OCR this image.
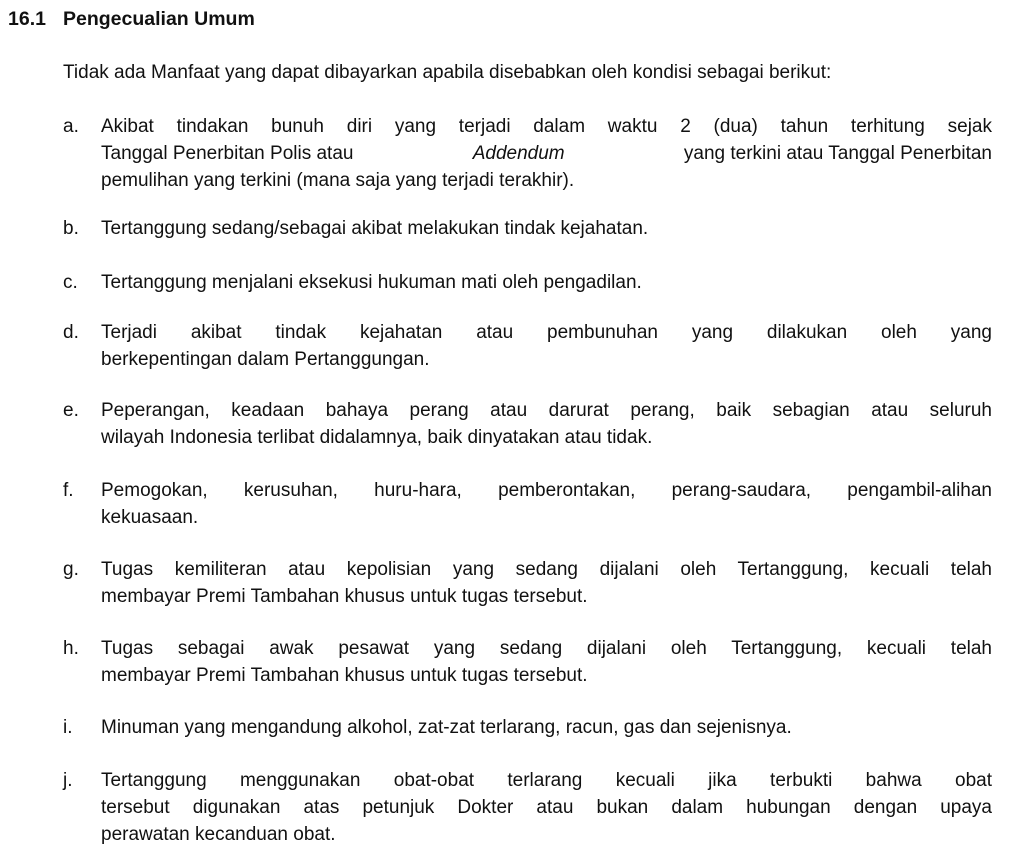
16.1 Pengecualian Umum
Tidak ada Manfaat yang dapat dibayarkan apabila disebabkan oleh kondisi sebagai berikut:
a. Akibat tindakan bunuh diri yang terjadi dalam waktu 2 (dua) tahun terhitung sejak
Tanggal Penerbitan Polis atau	Addendum	yang terkini atau Tanggal Penerbitan
pemulihan yang terkini (mana saja yang terjadi terakhir).
b. Tertanggung sedang/sebagai akibat melakukan tindak kejahatan.
c. Tertanggung menjalani eksekusi hukuman mati oleh pengadilan.
d. Terjadi akibat tindak kejahatan atau pembunuhan yang dilakukan oleh yang
berkepentingan dalam Pertanggungan.
e. Peperangan, keadaan bahaya perang atau darurat perang, baik sebagian atau seluruh
wilayah Indonesia terlibat didalamnya, baik dinyatakan atau tidak.
f. Pemogokan, kerusuhan, huru-hara, pemberontakan, perang-saudara, pengambil-alihan
kekuasaan.
g. Tugas kemiliteran atau kepolisian yang sedang dijalani oleh Tertanggung, kecuali telah
membayar Premi Tambahan khusus untuk tugas tersebut.
h. Tugas sebagai awak pesawat yang sedang dijalani oleh Tertanggung, kecuali telah
membayar Premi Tambahan khusus untuk tugas tersebut.
i. Minuman yang mengandung alkohol, zat-zat terlarang, racun, gas dan sejenisnya.
j. Tertanggung menggunakan obat-obat terlarang kecuali jika terbukti bahwa obat
tersebut digunakan atas petunjuk Dokter atau bukan dalam hubungan dengan upaya
perawatan kecanduan obat.
